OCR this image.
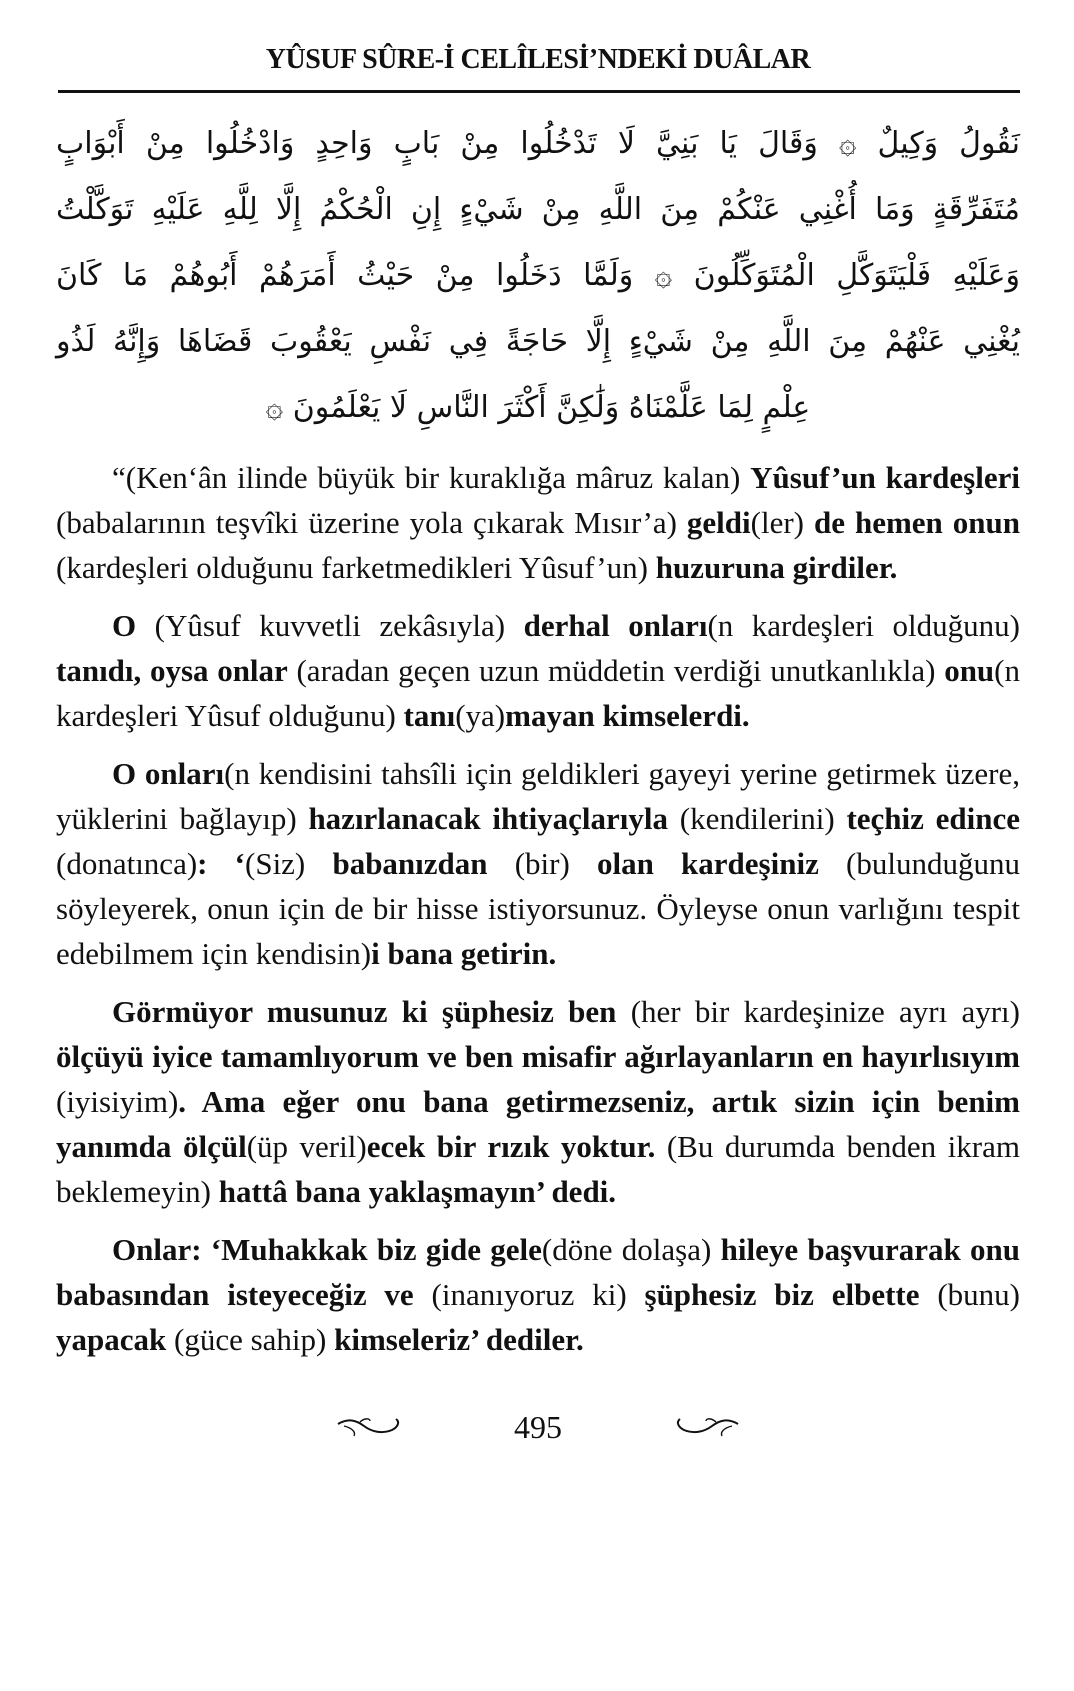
YÛSUF SÛRE-İ CELÎLESİ’NDEKİ DUÂLAR
نَقُولُ وَكِيلٌ ۞ وَقَالَ يَا بَنِيَّ لَا تَدْخُلُوا مِنْ بَابٍ وَاحِدٍ وَادْخُلُوا مِنْ أَبْوَابٍ
مُتَفَرِّقَةٍ وَمَا أُغْنِي عَنْكُمْ مِنَ اللَّهِ مِنْ شَيْءٍ إِنِ الْحُكْمُ إِلَّا لِلَّهِ عَلَيْهِ تَوَكَّلْتُ
وَعَلَيْهِ فَلْيَتَوَكَّلِ الْمُتَوَكِّلُونَ ۞ وَلَمَّا دَخَلُوا مِنْ حَيْثُ أَمَرَهُمْ أَبُوهُمْ مَا كَانَ
يُغْنِي عَنْهُمْ مِنَ اللَّهِ مِنْ شَيْءٍ إِلَّا حَاجَةً فِي نَفْسِ يَعْقُوبَ قَضَاهَا وَإِنَّهُ لَذُو
عِلْمٍ لِمَا عَلَّمْنَاهُ وَلَٰكِنَّ أَكْثَرَ النَّاسِ لَا يَعْلَمُونَ ۞

“(Ken‘ân ilinde büyük bir kuraklığa mâruz kalan) Yûsuf’un kardeşleri (babalarının teşvîki üzerine yola çıkarak Mısır’a) geldi(ler) de hemen onun (kardeşleri olduğunu farketmedikleri Yûsuf’un) huzuruna girdiler.

O (Yûsuf kuvvetli zekâsıyla) derhal onları(n kardeşleri olduğunu) tanıdı, oysa onlar (aradan geçen uzun müddetin verdiği unutkanlıkla) onu(n kardeşleri Yûsuf olduğunu) tanı(ya)mayan kimselerdi.

O onları(n kendisini tahsîli için geldikleri gayeyi yerine getirmek üzere, yüklerini bağlayıp) hazırlanacak ihtiyaçlarıyla (kendilerini) teçhiz edince (donatınca): ‘(Siz) babanızdan (bir) olan kardeşiniz (bulunduğunu söyleyerek, onun için de bir hisse istiyorsunuz. Öyleyse onun varlığını tespit edebilmem için kendisin)i bana getirin.

Görmüyor musunuz ki şüphesiz ben (her bir kardeşinize ayrı ayrı) ölçüyü iyice tamamlıyorum ve ben misafir ağırlayanların en hayırlısıyım (iyisiyim). Ama eğer onu bana getirmezseniz, artık sizin için benim yanımda ölçül(üp veril)ecek bir rızık yoktur. (Bu durumda benden ikram beklemeyin) hattâ bana yaklaşmayın’ dedi.

Onlar: ‘Muhakkak biz gide gele(döne dolaşa) hileye başvurarak onu babasından isteyeceğiz ve (inanıyoruz ki) şüphesiz biz elbette (bunu) yapacak (güce sahip) kimseleriz’ dediler.

495
